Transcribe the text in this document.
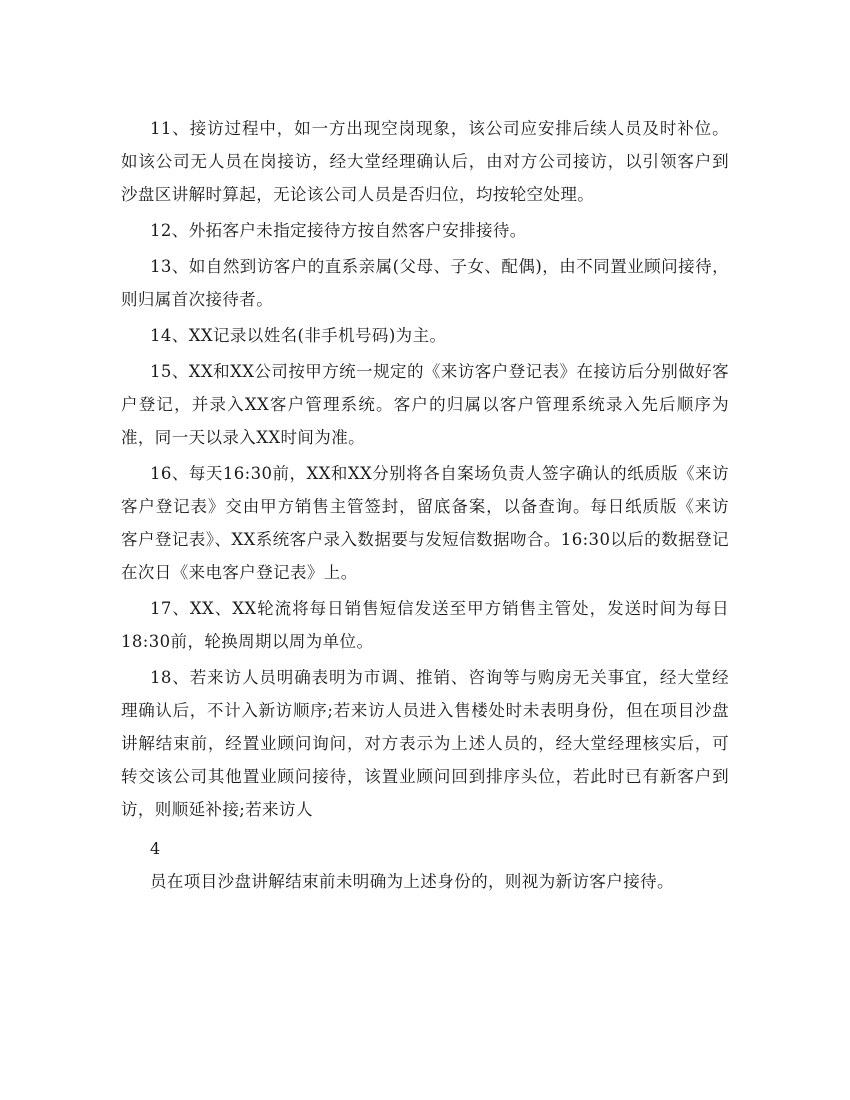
11、接访过程中，如一方出现空岗现象，该公司应安排后续人员及时补位。如该公司无人员在岗接访，经大堂经理确认后，由对方公司接访，以引领客户到沙盘区讲解时算起，无论该公司人员是否归位，均按轮空处理。

12、外拓客户未指定接待方按自然客户安排接待。

13、如自然到访客户的直系亲属(父母、子女、配偶)，由不同置业顾问接待，则归属首次接待者。

14、XX记录以姓名(非手机号码)为主。

15、XX和XX公司按甲方统一规定的《来访客户登记表》在接访后分别做好客户登记，并录入XX客户管理系统。客户的归属以客户管理系统录入先后顺序为准，同一天以录入XX时间为准。

16、每天16:30前，XX和XX分别将各自案场负责人签字确认的纸质版《来访客户登记表》交由甲方销售主管签封，留底备案，以备查询。每日纸质版《来访客户登记表》、XX系统客户录入数据要与发短信数据吻合。16:30以后的数据登记在次日《来电客户登记表》上。

17、XX、XX轮流将每日销售短信发送至甲方销售主管处，发送时间为每日18:30前，轮换周期以周为单位。

18、若来访人员明确表明为市调、推销、咨询等与购房无关事宜，经大堂经理确认后，不计入新访顺序;若来访人员进入售楼处时未表明身份，但在项目沙盘讲解结束前，经置业顾问询问，对方表示为上述人员的，经大堂经理核实后，可转交该公司其他置业顾问接待，该置业顾问回到排序头位，若此时已有新客户到访，则顺延补接;若来访人

4

员在项目沙盘讲解结束前未明确为上述身份的，则视为新访客户接待。
